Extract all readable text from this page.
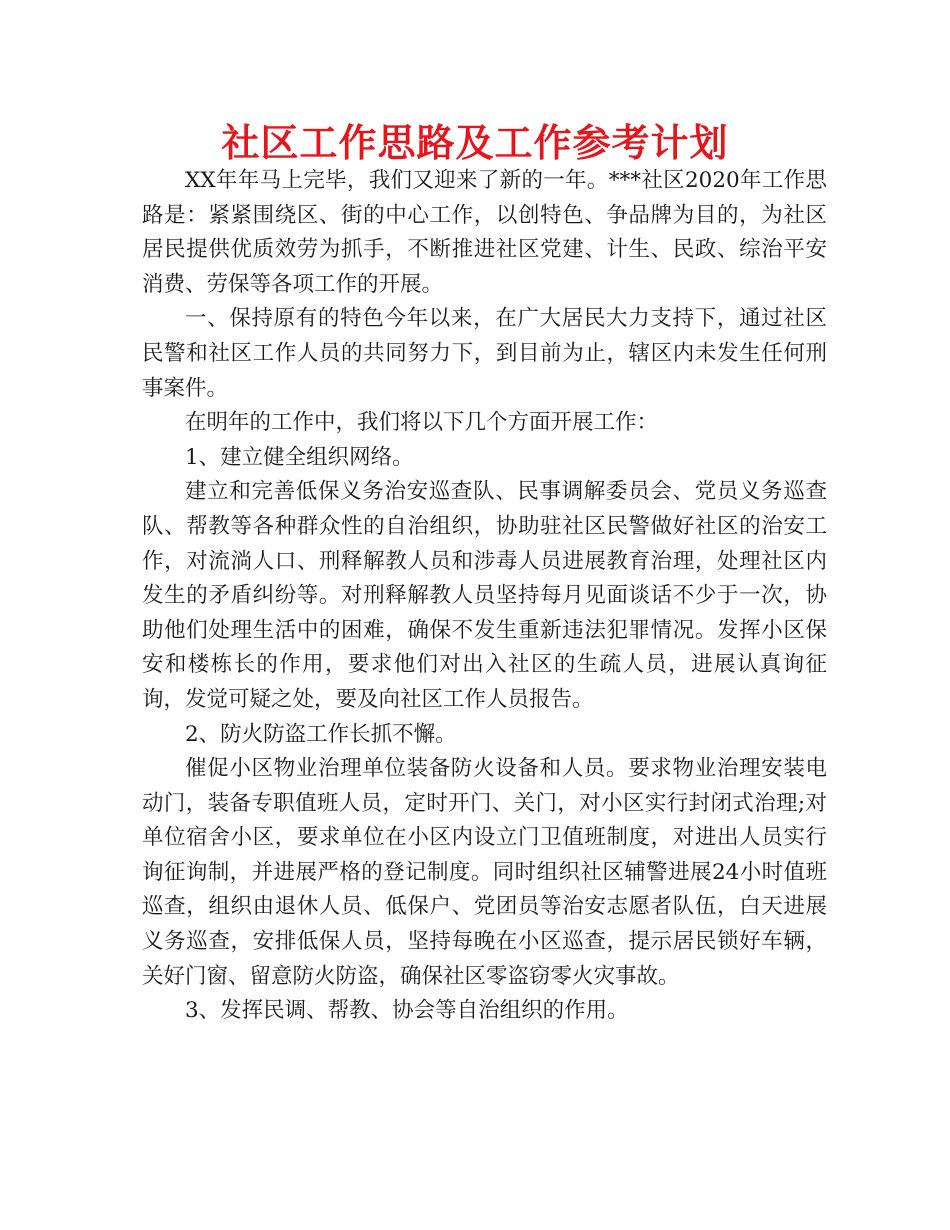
社区工作思路及工作参考计划

XX年年马上完毕，我们又迎来了新的一年。***社区2020年工作思路是：紧紧围绕区、街的中心工作，以创特色、争品牌为目的，为社区居民提供优质效劳为抓手，不断推进社区党建、计生、民政、综治平安消费、劳保等各项工作的开展。

一、保持原有的特色今年以来，在广大居民大力支持下，通过社区民警和社区工作人员的共同努力下，到目前为止，辖区内未发生任何刑事案件。

在明年的工作中，我们将以下几个方面开展工作：

1、建立健全组织网络。

建立和完善低保义务治安巡查队、民事调解委员会、党员义务巡查队、帮教等各种群众性的自治组织，协助驻社区民警做好社区的治安工作，对流淌人口、刑释解教人员和涉毒人员进展教育治理，处理社区内发生的矛盾纠纷等。对刑释解教人员坚持每月见面谈话不少于一次，协助他们处理生活中的困难，确保不发生重新违法犯罪情况。发挥小区保安和楼栋长的作用，要求他们对出入社区的生疏人员，进展认真询征询，发觉可疑之处，要及向社区工作人员报告。

2、防火防盗工作长抓不懈。

催促小区物业治理单位装备防火设备和人员。要求物业治理安装电动门，装备专职值班人员，定时开门、关门，对小区实行封闭式治理;对单位宿舍小区，要求单位在小区内设立门卫值班制度，对进出人员实行询征询制，并进展严格的登记制度。同时组织社区辅警进展24小时值班巡查，组织由退休人员、低保户、党团员等治安志愿者队伍，白天进展义务巡查，安排低保人员，坚持每晚在小区巡查，提示居民锁好车辆，关好门窗、留意防火防盗，确保社区零盗窃零火灾事故。

3、发挥民调、帮教、协会等自治组织的作用。
